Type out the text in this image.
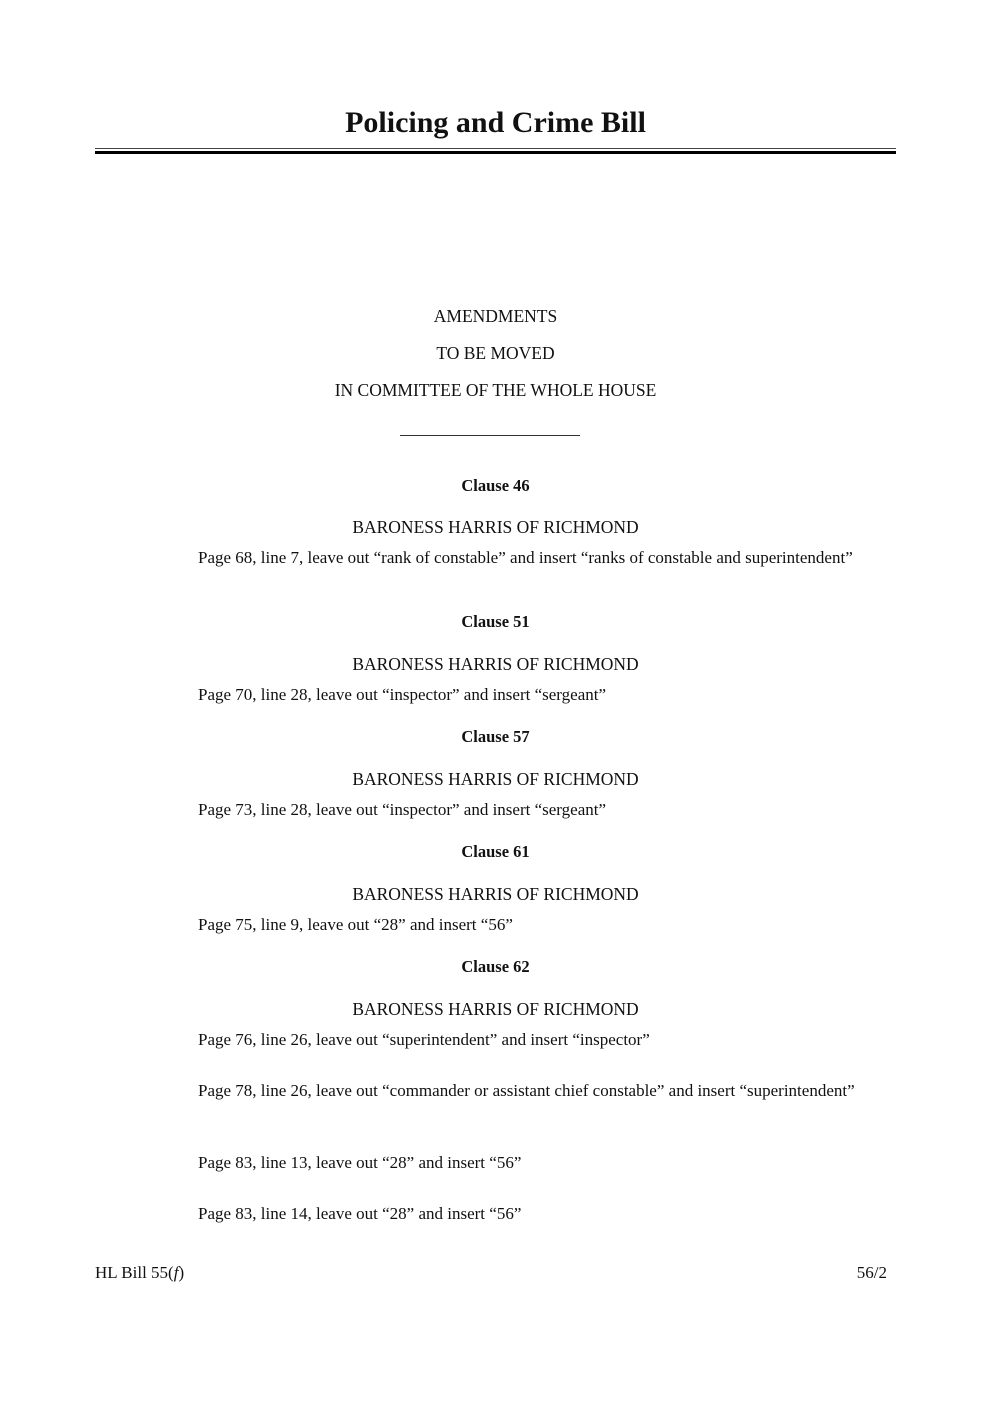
Policing and Crime Bill
AMENDMENTS
TO BE MOVED
IN COMMITTEE OF THE WHOLE HOUSE
Clause 46
BARONESS HARRIS OF RICHMOND
Page 68, line 7, leave out “rank of constable” and insert “ranks of constable and superintendent”
Clause 51
BARONESS HARRIS OF RICHMOND
Page 70, line 28, leave out “inspector” and insert “sergeant”
Clause 57
BARONESS HARRIS OF RICHMOND
Page 73, line 28, leave out “inspector” and insert “sergeant”
Clause 61
BARONESS HARRIS OF RICHMOND
Page 75, line 9, leave out “28” and insert “56”
Clause 62
BARONESS HARRIS OF RICHMOND
Page 76, line 26, leave out “superintendent” and insert “inspector”
Page 78, line 26, leave out “commander or assistant chief constable” and insert “superintendent”
Page 83, line 13, leave out “28” and insert “56”
Page 83, line 14, leave out “28” and insert “56”
HL Bill 55(f)	56/2
